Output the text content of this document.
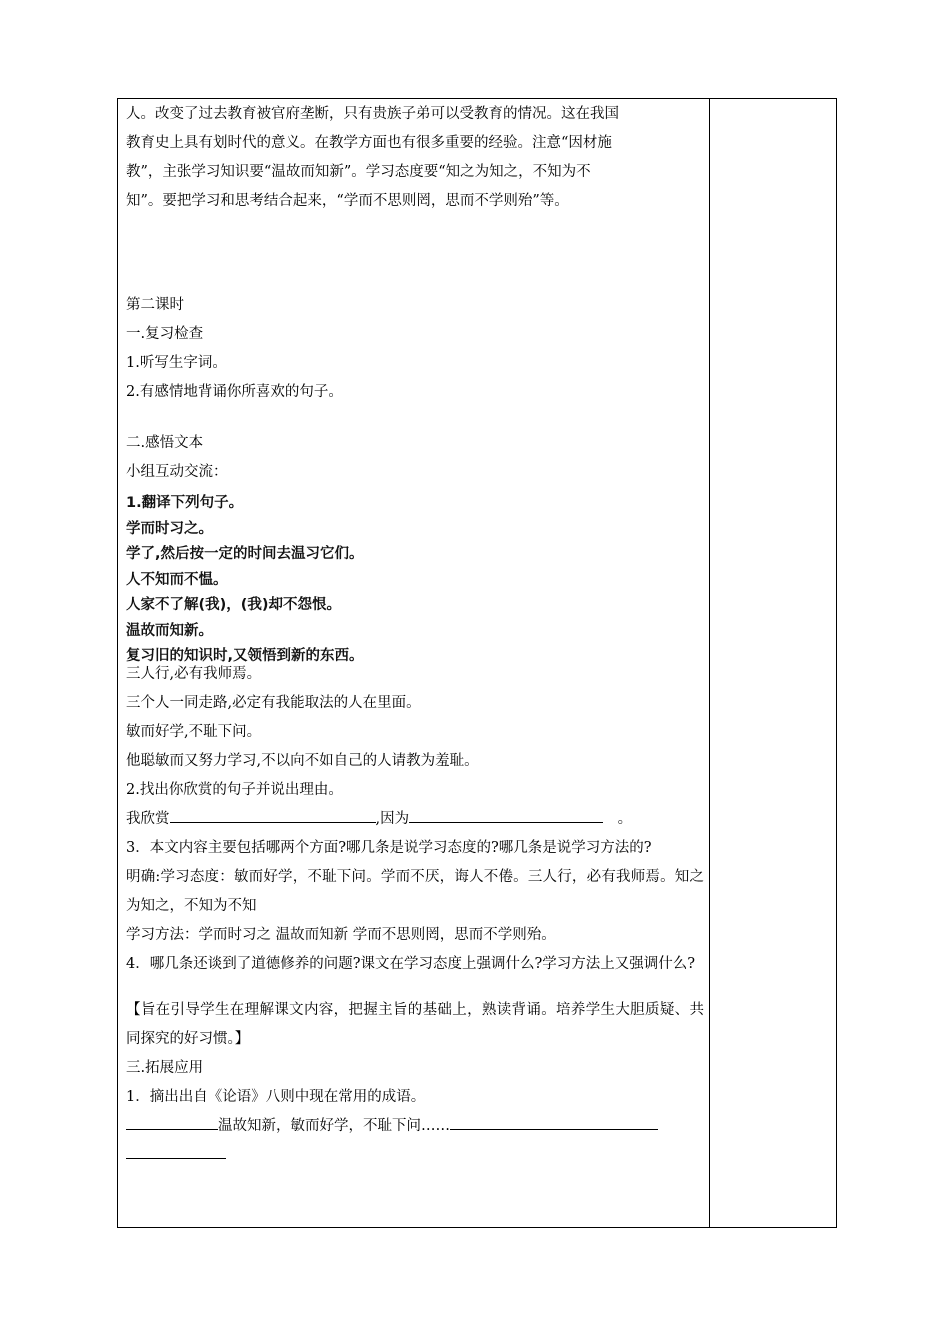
人。改变了过去教育被官府垄断，只有贵族子弟可以受教育的情况。这在我国
教育史上具有划时代的意义。在教学方面也有很多重要的经验。注意“因材施
教”，主张学习知识要“温故而知新”。学习态度要“知之为知之，不知为不
知”。要把学习和思考结合起来，“学而不思则罔，思而不学则殆”等。
第二课时
一.复习检查
1.听写生字词。
2.有感情地背诵你所喜欢的句子。
二.感悟文本
小组互动交流：
1.翻译下列句子。
学而时习之。
学了,然后按一定的时间去温习它们。
人不知而不愠。
人家不了解(我)，(我)却不怨恨。
温故而知新。
复习旧的知识时,又领悟到新的东西。
三人行,必有我师焉。
三个人一同走路,必定有我能取法的人在里面。
敏而好学,不耻下问。
他聪敏而又努力学习,不以向不如自己的人请教为羞耻。
2.找出你欣赏的句子并说出理由。
我欣赏	,因为	　。
3．本文内容主要包括哪两个方面?哪几条是说学习态度的?哪几条是说学习方法的?
明确:学习态度：敏而好学，不耻下问。学而不厌，诲人不倦。三人行，必有我师焉。知之为知之，不知为不知
学习方法：学而时习之 温故而知新 学而不思则罔，思而不学则殆。
4．哪几条还谈到了道德修养的问题?课文在学习态度上强调什么?学习方法上又强调什么?
【旨在引导学生在理解课文内容，把握主旨的基础上，熟读背诵。培养学生大胆质疑、共同探究的好习惯。】
三.拓展应用
1．摘出出自《论语》八则中现在常用的成语。
温故知新，敏而好学，不耻下问……
